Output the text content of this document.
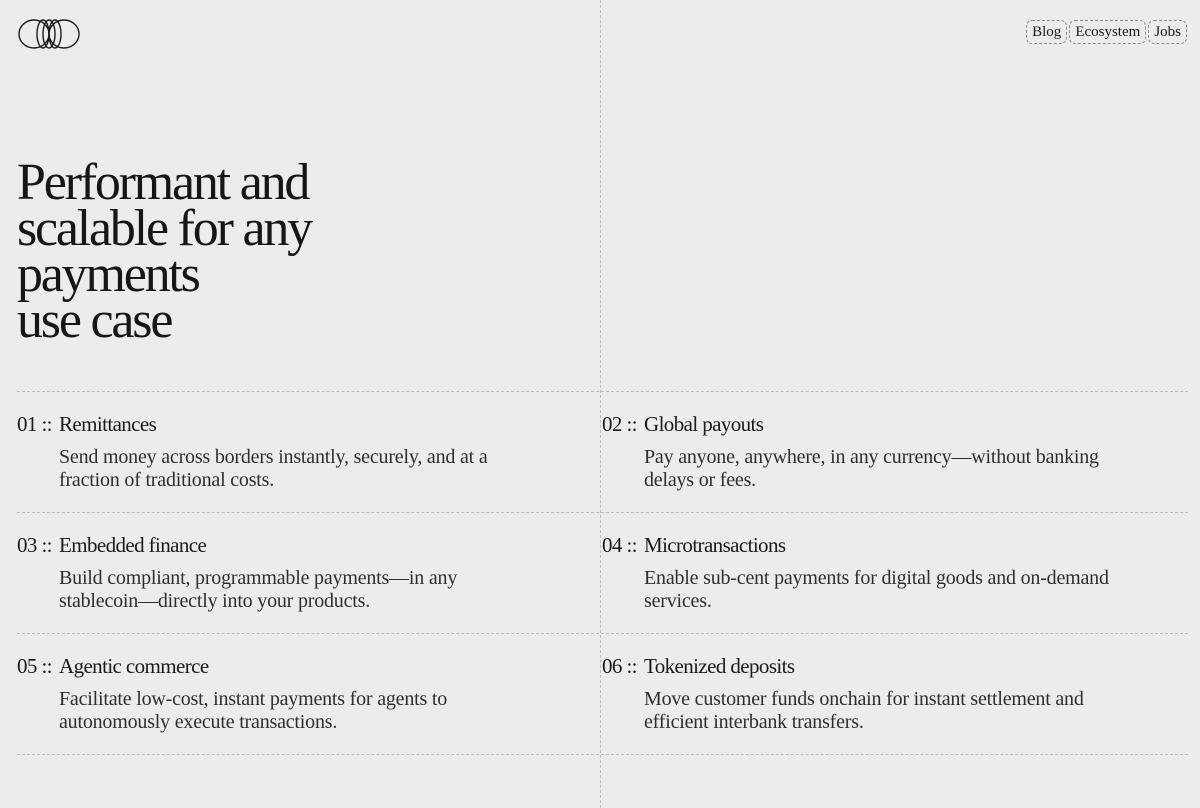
Blog Ecosystem Jobs
Performant and
scalable for any
payments
use case
01 :: Remittances
Send money across borders instantly, securely, and at a fraction of traditional costs.
02 :: Global payouts
Pay anyone, anywhere, in any currency—without banking delays or fees.
03 :: Embedded finance
Build compliant, programmable payments—in any stablecoin—directly into your products.
04 :: Microtransactions
Enable sub-cent payments for digital goods and on-demand services.
05 :: Agentic commerce
Facilitate low-cost, instant payments for agents to autonomously execute transactions.
06 :: Tokenized deposits
Move customer funds onchain for instant settlement and efficient interbank transfers.
